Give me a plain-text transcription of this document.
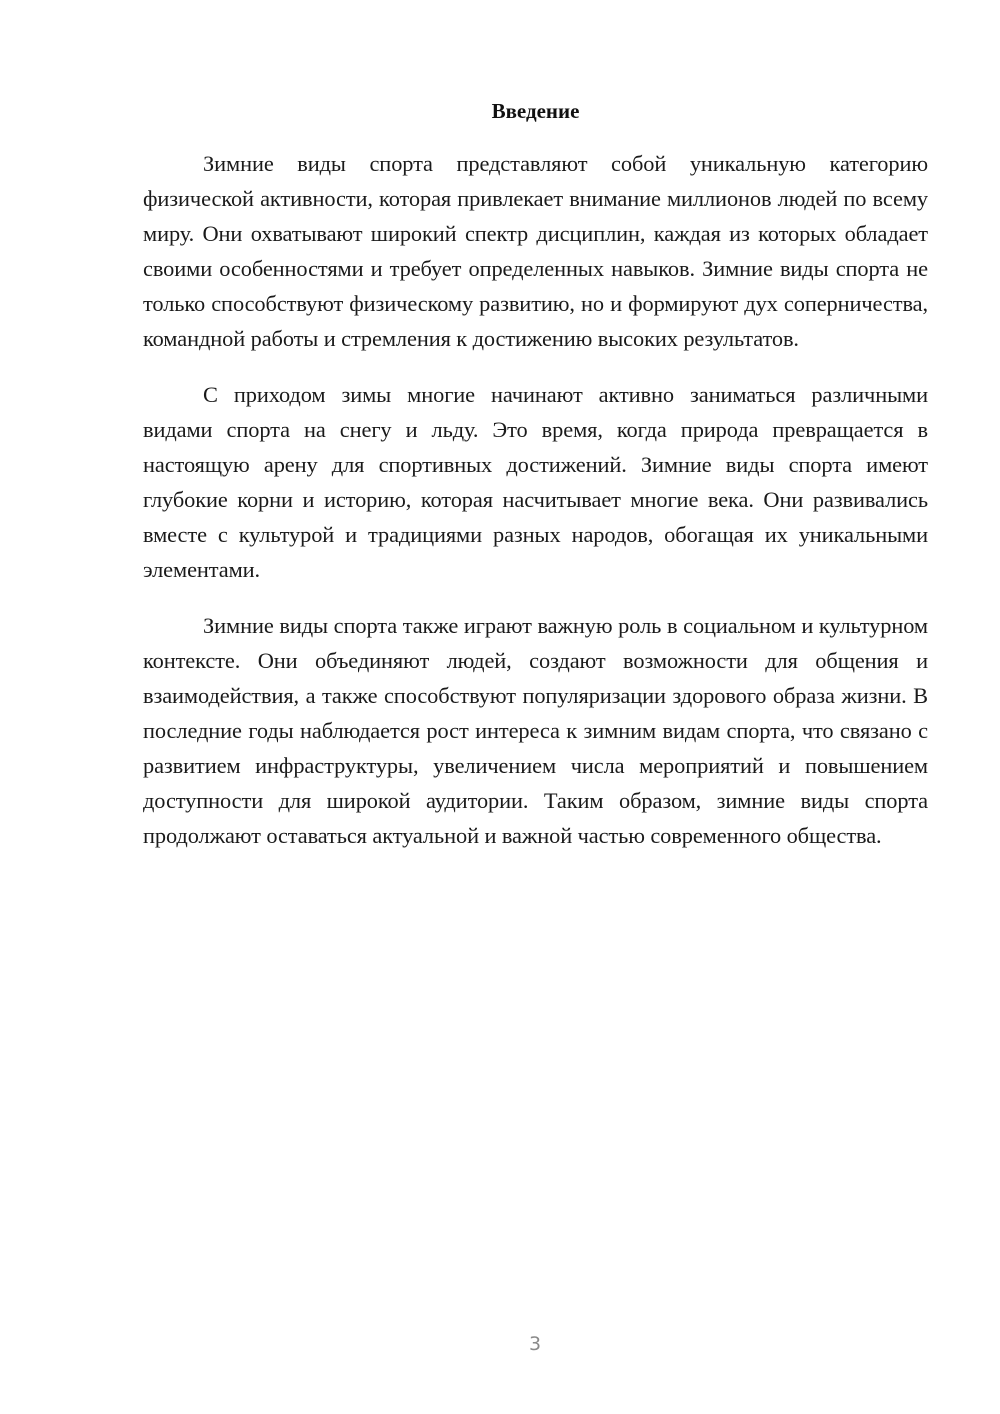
Введение

Зимние виды спорта представляют собой уникальную категорию физической активности, которая привлекает внимание миллионов людей по всему миру. Они охватывают широкий спектр дисциплин, каждая из которых обладает своими особенностями и требует определенных навыков. Зимние виды спорта не только способствуют физическому развитию, но и формируют дух соперничества, командной работы и стремления к достижению высоких результатов.

С приходом зимы многие начинают активно заниматься различными видами спорта на снегу и льду. Это время, когда природа превращается в настоящую арену для спортивных достижений. Зимние виды спорта имеют глубокие корни и историю, которая насчитывает многие века. Они развивались вместе с культурой и традициями разных народов, обогащая их уникальными элементами.

Зимние виды спорта также играют важную роль в социальном и культурном контексте. Они объединяют людей, создают возможности для общения и взаимодействия, а также способствуют популяризации здорового образа жизни. В последние годы наблюдается рост интереса к зимним видам спорта, что связано с развитием инфраструктуры, увеличением числа мероприятий и повышением доступности для широкой аудитории. Таким образом, зимние виды спорта продолжают оставаться актуальной и важной частью современного общества.

3
